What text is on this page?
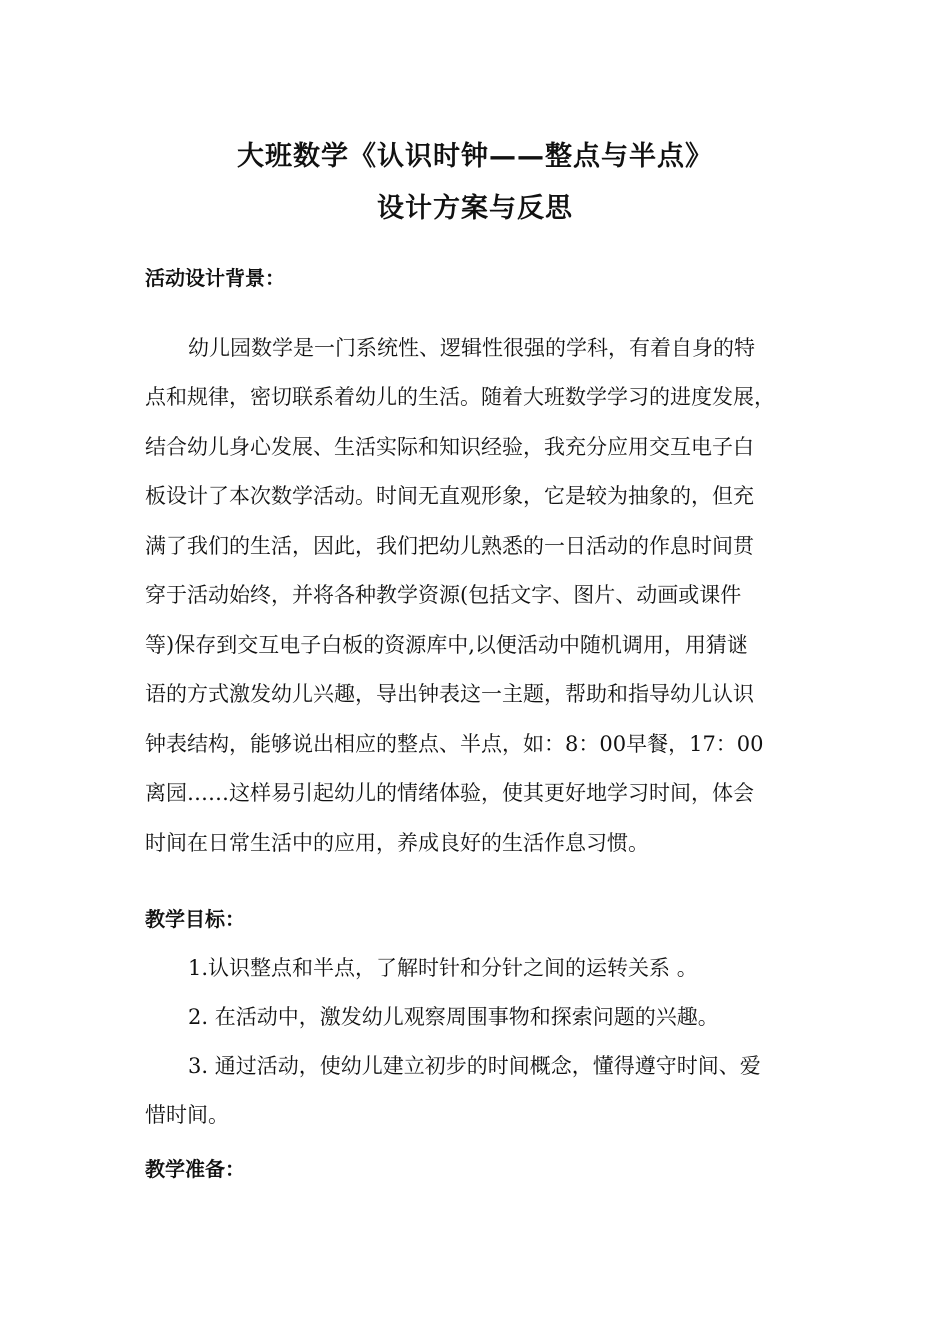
大班数学《认识时钟——整点与半点》
设计方案与反思
活动设计背景：
幼儿园数学是一门系统性、逻辑性很强的学科，有着自身的特
点和规律，密切联系着幼儿的生活。随着大班数学学习的进度发展，
结合幼儿身心发展、生活实际和知识经验，我充分应用交互电子白
板设计了本次数学活动。时间无直观形象，它是较为抽象的，但充
满了我们的生活，因此，我们把幼儿熟悉的一日活动的作息时间贯
穿于活动始终，并将各种教学资源(包括文字、图片、动画或课件
等)保存到交互电子白板的资源库中,以便活动中随机调用，用猜谜
语的方式激发幼儿兴趣，导出钟表这一主题，帮助和指导幼儿认识
钟表结构，能够说出相应的整点、半点，如：8：00早餐，17：00
离园……这样易引起幼儿的情绪体验，使其更好地学习时间，体会
时间在日常生活中的应用，养成良好的生活作息习惯。
教学目标：
1.认识整点和半点，了解时针和分针之间的运转关系 。
2. 在活动中，激发幼儿观察周围事物和探索问题的兴趣。
3. 通过活动，使幼儿建立初步的时间概念，懂得遵守时间、爱
惜时间。
教学准备：
